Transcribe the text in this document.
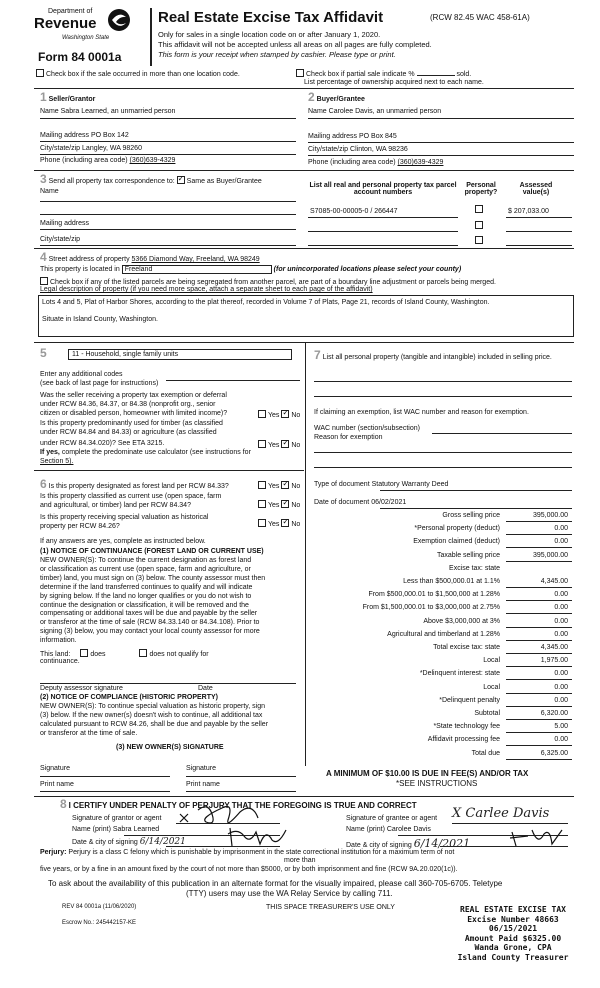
Department of
Revenue
Washington State
Form 84 0001a
Real Estate Excise Tax Affidavit	(RCW 82.45 WAC 458-61A)
Only for sales in a single location code on or after January 1, 2020.
This affidavit will not be accepted unless all areas on all pages are fully completed.
This form is your receipt when stamped by cashier. Please type or print.
Check box if the sale occurred in more than one location code.	Check box if partial sale indicate %	sold.
List percentage of ownership acquired next to each name.
1 Seller/Grantor
Name Sabra Learned, an unmarried person
Mailing address PO Box 142
City/state/zip Langley, WA 98260
Phone (including area code) (360)639-4329
2 Buyer/Grantee
Name Carolee Davis, an unmarried person
Mailing address PO Box 845
City/state/zip Clinton, WA 98236
Phone (including area code) (360)639-4329
3 Send all property tax correspondence to: ✓ Same as Buyer/Grantee
Name
Mailing address
City/state/zip
List all real and personal property tax parcel account numbers
Personal property?
Assessed value(s)
S7085-00-00005-0 / 266447	$ 207,033.00
4 Street address of property 5366 Diamond Way, Freeland, WA 98249
This property is located in Freeland	(for unincorporated locations please select your county)
Check box if any of the listed parcels are being segregated from another parcel, are part of a boundary line adjustment or parcels being merged.
Legal description of property (if you need more space, attach a separate sheet to each page of the affidavit)
Lots 4 and 5, Plat of Harbor Shores, according to the plat thereof, recorded in Volume 7 of Plats, Page 21, records of Island County, Washington.
Situate in Island County, Washington.
5	11 - Household, single family units
Enter any additional codes
(see back of last page for instructions)
Was the seller receiving a property tax exemption or deferral
under RCW 84.36, 84.37, or 84.38 (nonprofit org., senior
citizen or disabled person, homeowner with limited income)?	Yes ✓ No
Is this property predominantly used for timber (as classified
under RCW 84.84 and 84.33) or agriculture (as classified
under RCW 84.34.020)? See ETA 3215.	Yes ✓ No
If yes, complete the predominate use calculator (see instructions for
Section 5).
7 List all personal property (tangible and intangible) included in selling price.
If claiming an exemption, list WAC number and reason for exemption.
WAC number (section/subsection)
Reason for exemption
Type of document Statutory Warranty Deed
Date of document 06/02/2021
Gross selling price	395,000.00
*Personal property (deduct)	0.00
Exemption claimed (deduct)	0.00
Taxable selling price	395,000.00
Excise tax: state
Less than $500,000.01 at 1.1%	4,345.00
From $500,000.01 to $1,500,000 at 1.28%	0.00
From $1,500,000.01 to $3,000,000 at 2.75%	0.00
Above $3,000,000 at 3%	0.00
Agricultural and timberland at 1.28%	0.00
Total excise tax: state	4,345.00
Local	1,975.00
*Delinquent interest: state	0.00
Local	0.00
*Delinquent penalty	0.00
Subtotal	6,320.00
*State technology fee	5.00
Affidavit processing fee	0.00
Total due	6,325.00
A MINIMUM OF $10.00 IS DUE IN FEE(S) AND/OR TAX
*SEE INSTRUCTIONS
6 Is this property designated as forest land per RCW 84.33?	Yes ✓ No
Is this property classified as current use (open space, farm
and agricultural, or timber) land per RCW 84.34?	Yes ✓ No
Is this property receiving special valuation as historical
property per RCW 84.26?	Yes ✓ No
If any answers are yes, complete as instructed below.
(1) NOTICE OF CONTINUANCE (FOREST LAND OR CURRENT USE)
NEW OWNER(S): To continue the current designation as forest land
or classification as current use (open space, farm and agriculture, or
timber) land, you must sign on (3) below. The county assessor must then
determine if the land transferred continues to qualify and will indicate
by signing below. If the land no longer qualifies or you do not wish to
continue the designation or classification, it will be removed and the
compensating or additional taxes will be due and payable by the seller
or transferor at the time of sale (RCW 84.33.140 or 84.34.108). Prior to
signing (3) below, you may contact your local county assessor for more
information.
This land:	does	does not qualify for
continuance.
Deputy assessor signature	Date
(2) NOTICE OF COMPLIANCE (HISTORIC PROPERTY)
NEW OWNER(S): To continue special valuation as historic property, sign
(3) below. If the new owner(s) doesn't wish to continue, all additional tax
calculated pursuant to RCW 84.26, shall be due and payable by the seller
or transferor at the time of sale.
(3) NEW OWNER(S) SIGNATURE
Signature	Signature
Print name	Print name
8 I CERTIFY UNDER PENALTY OF PERJURY THAT THE FOREGOING IS TRUE AND CORRECT
Signature of grantor or agent
Name (print) Sabra Learned
Date & city of signing 6/14/2021
Signature of grantee or agent X Carlee Davis
Name (print) Carolee Davis
Date & city of signing 6/14/2021
Perjury: Perjury is a class C felony which is punishable by imprisonment in the state correctional institution for a maximum term of not
more than
five years, or by a fine in an amount fixed by the court of not more than $5000, or by both imprisonment and fine (RCW 9A.20.020(1c)).
To ask about the availability of this publication in an alternate format for the visually impaired, please call 360-705-6705. Teletype
(TTY) users may use the WA Relay Service by calling 711.
REV 84 0001a (11/06/2020)
Escrow No.: 245442157-KE
THIS SPACE TREASURER'S USE ONLY	REAL ESTATE EXCISE TAX
Excise Number 48663
06/15/2021
Amount Paid $6325.00
Wanda Grone, CPA
Island County Treasurer
